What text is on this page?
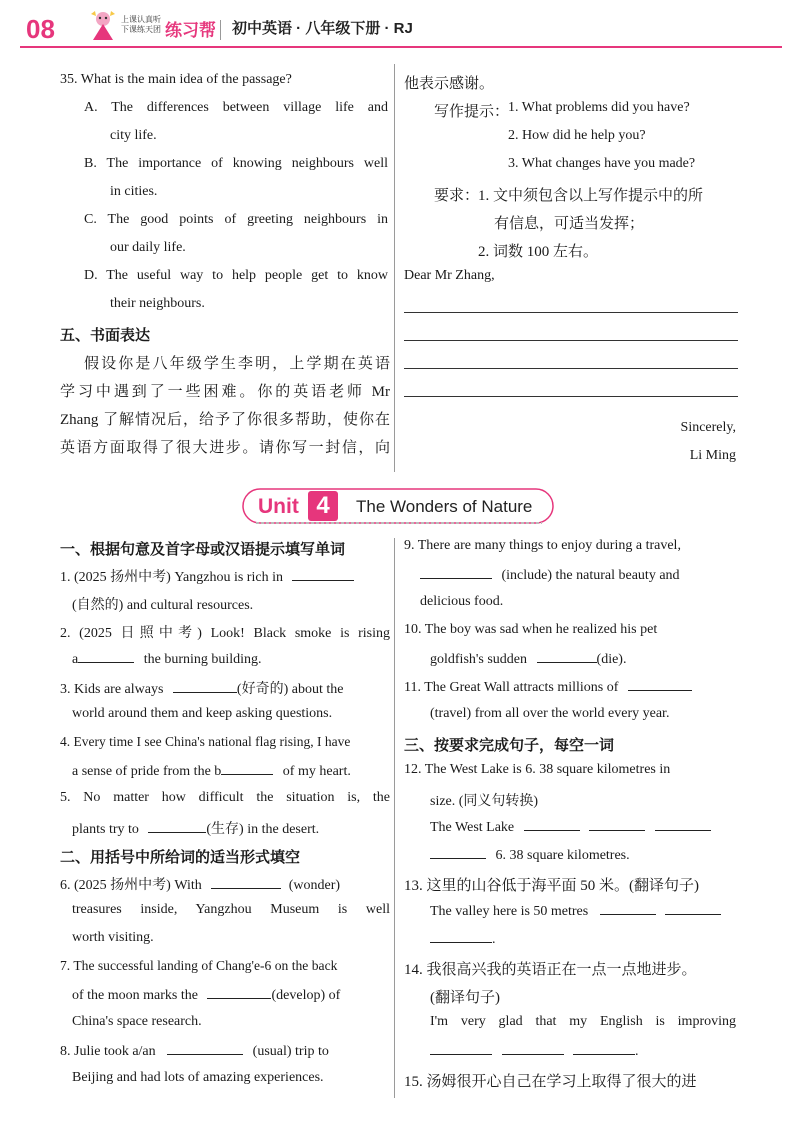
08	上课认真听
下课练天团 练习帮 初中英语 · 八年级下册 · RJ
35. What is the main idea of the passage?
A. The differences between village life and
city life.
B. The importance of knowing neighbours well
in cities.
C. The good points of greeting neighbours in
our daily life.
D. The useful way to help people get to know
their neighbours.
五、书面表达
假设你是八年级学生李明，上学期在英语
学习中遇到了一些困难。你的英语老师 Mr
Zhang 了解情况后，给予了你很多帮助，使你在
英语方面取得了很大进步。请你写一封信，向
他表示感谢。
写作提示：
1. What problems did you have?
2. How did he help you?
3. What changes have you made?
要求：
1. 文中须包含以上写作提示中的所
有信息，可适当发挥；
2. 词数 100 左右。
Dear Mr Zhang,
Sincerely,
Li Ming
Unit 4	The Wonders of Nature
一、根据句意及首字母或汉语提示填写单词
1. (2025 扬州中考) Yangzhou is rich in
(自然的) and cultural resources.
2. (2025 日照中考) Look! Black smoke is rising
a	the burning building.
3. Kids are always	(好奇的) about the
world around them and keep asking questions.
4. Every time I see China's national flag rising, I have
a sense of pride from the b	of my heart.
5. No matter how difficult the situation is, the
plants try to	(生存) in the desert.
二、用括号中所给词的适当形式填空
6. (2025 扬州中考) With	(wonder)
treasures inside, Yangzhou Museum is well
worth visiting.
7. The successful landing of Chang'e-6 on the back
of the moon marks the	(develop) of
China's space research.
8. Julie took a/an	(usual) trip to
Beijing and had lots of amazing experiences.
9. There are many things to enjoy during a travel,
(include) the natural beauty and
delicious food.
10. The boy was sad when he realized his pet
goldfish's sudden	(die).
11. The Great Wall attracts millions of
(travel) from all over the world every year.
三、按要求完成句子，每空一词
12. The West Lake is 6. 38 square kilometres in
size. (同义句转换)
The West Lake
6. 38 square kilometres.
13. 这里的山谷低于海平面 50 米。(翻译句子)
The valley here is 50 metres
.
14. 我很高兴我的英语正在一点一点地进步。
(翻译句子)
I'm very glad that my English is improving
.
15. 汤姆很开心自己在学习上取得了很大的进
